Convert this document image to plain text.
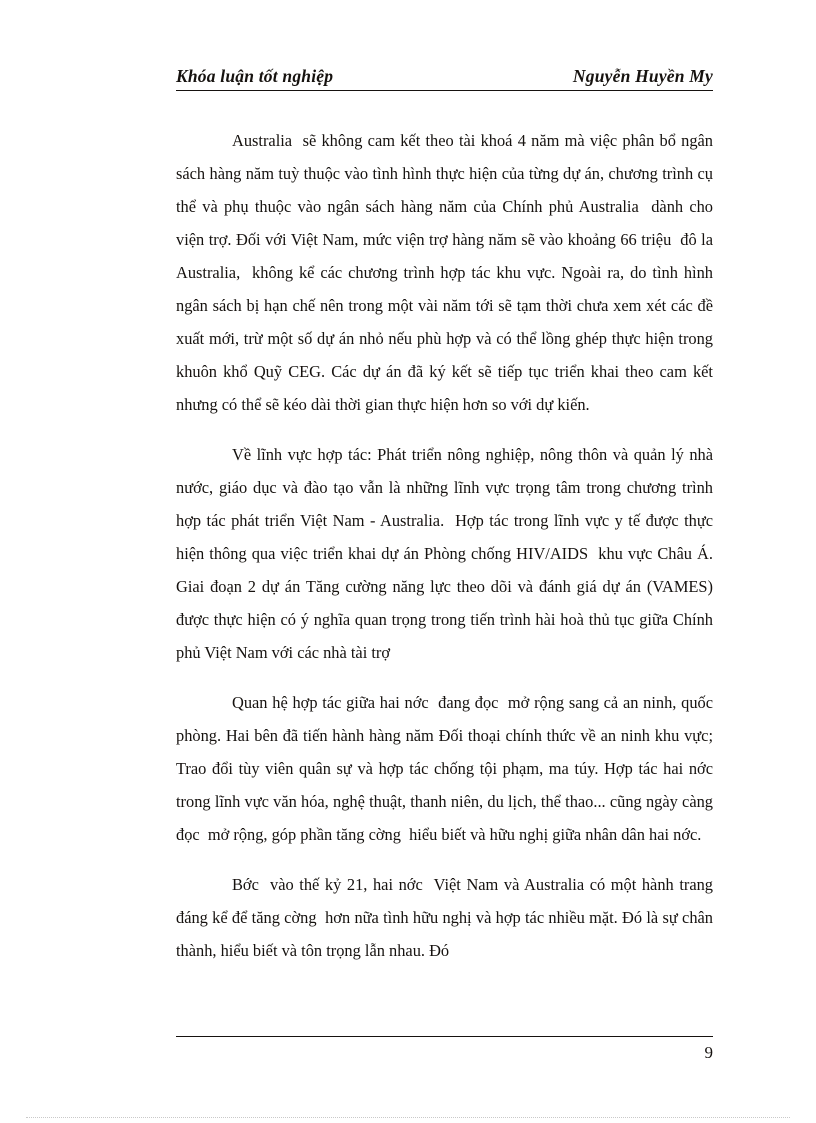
Khóa luận tốt nghiệp	Nguyễn Huyền My

Australia  sẽ không cam kết theo tài khoá 4 năm mà việc phân bổ ngân sách hàng năm tuỳ thuộc vào tình hình thực hiện của từng dự án, chương trình cụ thể và phụ thuộc vào ngân sách hàng năm của Chính phủ Australia  dành cho viện trợ. Đối với Việt Nam, mức viện trợ hàng năm sẽ vào khoảng 66 triệu  đô la Australia,  không kể các chương trình hợp tác khu vực. Ngoài ra, do tình hình ngân sách bị hạn chế nên trong một vài năm tới sẽ tạm thời chưa xem xét các đề xuất mới, trừ một số dự án nhỏ nếu phù hợp và có thể lồng ghép thực hiện trong khuôn khổ Quỹ CEG. Các dự án đã ký kết sẽ tiếp tục triển khai theo cam kết nhưng có thể sẽ kéo dài thời gian thực hiện hơn so với dự kiến.

Về lĩnh vực hợp tác: Phát triển nông nghiệp, nông thôn và quản lý nhà nước, giáo dục và đào tạo vẫn là những lĩnh vực trọng tâm trong chương trình hợp tác phát triển Việt Nam - Australia.  Hợp tác trong lĩnh vực y tế được thực hiện thông qua việc triển khai dự án Phòng chống HIV/AIDS  khu vực Châu Á. Giai đoạn 2 dự án Tăng cường năng lực theo dõi và đánh giá dự án (VAMES) được thực hiện có ý nghĩa quan trọng trong tiến trình hài hoà thủ tục giữa Chính phủ Việt Nam với các nhà tài trợ

Quan hệ hợp tác giữa hai nớc  đang đọc  mở rộng sang cả an ninh, quốc phòng. Hai bên đã tiến hành hàng năm Đối thoại chính thức về an ninh khu vực; Trao đổi tùy viên quân sự và hợp tác chống tội phạm, ma túy. Hợp tác hai nớc  trong lĩnh vực văn hóa, nghệ thuật, thanh niên, du lịch, thể thao... cũng ngày càng đọc  mở rộng, góp phần tăng cờng  hiểu biết và hữu nghị giữa nhân dân hai nớc.

Bớc  vào thế kỷ 21, hai nớc  Việt Nam và Australia có một hành trang đáng kể để tăng cờng  hơn nữa tình hữu nghị và hợp tác nhiều mặt. Đó là sự chân thành, hiểu biết và tôn trọng lẫn nhau. Đó

9
